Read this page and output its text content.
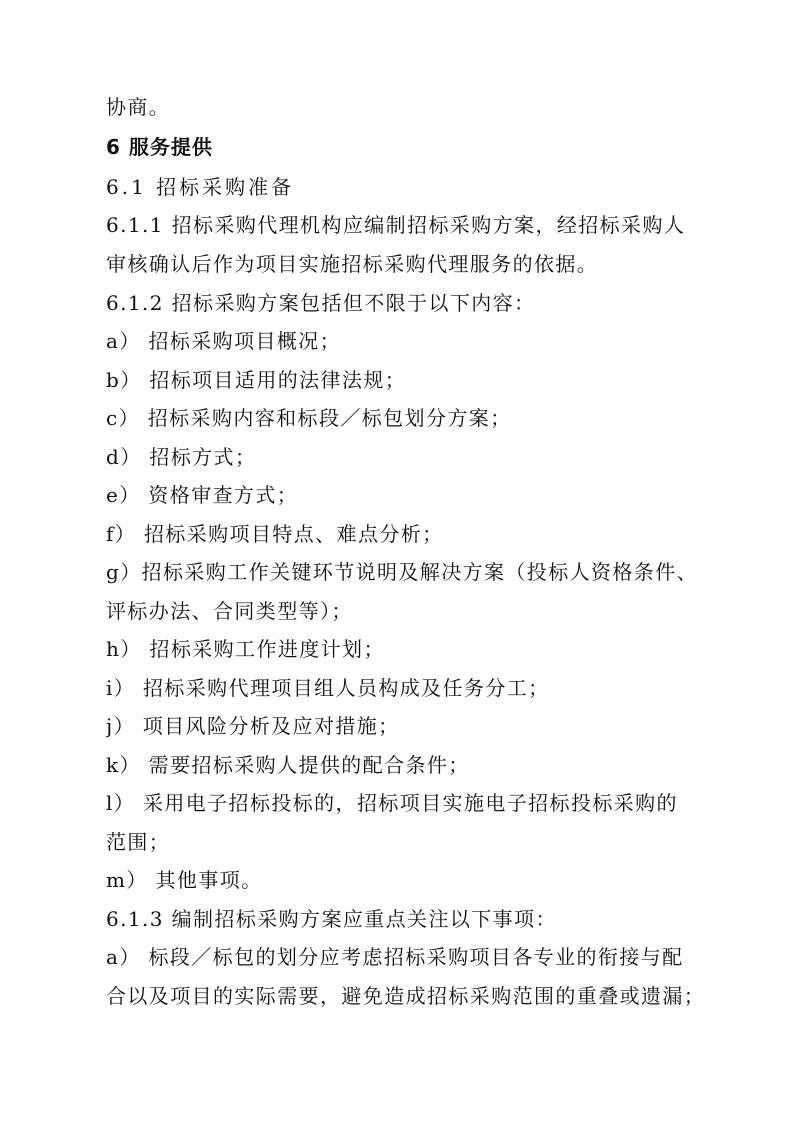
协商。
6 服务提供
6.1 招标采购准备
6.1.1 招标采购代理机构应编制招标采购方案，经招标采购人
审核确认后作为项目实施招标采购代理服务的依据。
6.1.2 招标采购方案包括但不限于以下内容：
a） 招标采购项目概况；
b） 招标项目适用的法律法规；
c） 招标采购内容和标段／标包划分方案；
d） 招标方式；
e） 资格审查方式；
f） 招标采购项目特点、难点分析；
g）招标采购工作关键环节说明及解决方案（投标人资格条件、
评标办法、合同类型等）；
h） 招标采购工作进度计划；
i） 招标采购代理项目组人员构成及任务分工；
j） 项目风险分析及应对措施；
k） 需要招标采购人提供的配合条件；
l） 采用电子招标投标的，招标项目实施电子招标投标采购的
范围；
m） 其他事项。
6.1.3 编制招标采购方案应重点关注以下事项：
a） 标段／标包的划分应考虑招标采购项目各专业的衔接与配
合以及项目的实际需要，避免造成招标采购范围的重叠或遗漏；
